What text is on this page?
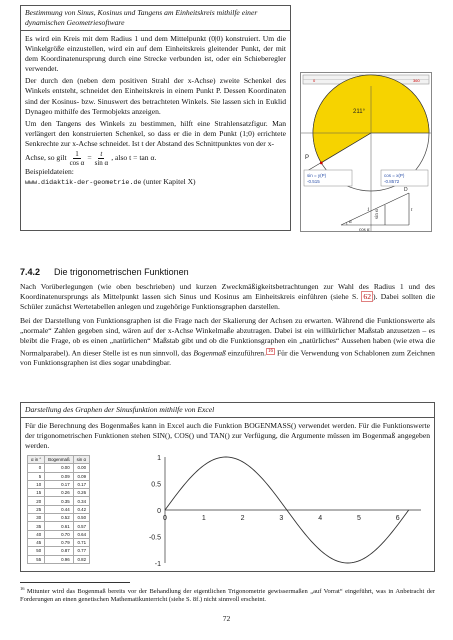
Bestimmung von Sinus, Kosinus und Tangens am Einheitskreis mithilfe einer dynamischen Geometriesoftware

Es wird ein Kreis mit dem Radius 1 und dem Mittelpunkt (0|0) konstruiert. Um die Winkelgröße einzustellen, wird ein auf dem Einheitskreis gleitender Punkt, der mit dem Koordinatenursprung durch eine Strecke verbunden ist, oder ein Schieberegler verwendet.

Der durch den (neben dem positiven Strahl der x-Achse) zweite Schenkel des Winkels entsteht, schneidet den Einheitskreis in einem Punkt P. Dessen Koordinaten sind der Kosinus- bzw. Sinuswert des betrachteten Winkels. Sie lassen sich in Euklid Dynageo mithilfe des Termobjekts anzeigen.

Um den Tangens des Winkels zu bestimmen, hilft eine Strahlensatzfigur. Man verlängert den konstruierten Schenkel, so dass er die in dem Punkt (1;0) errichtete Senkrechte zur x-Achse schneidet. Ist t der Abstand des Schnittpunktes von der x-

Achse, so gilt $\frac{1}{\text{cos α}} = \frac{t}{\text{sin α}}$ , also t = tan α.

Beispieldateien:

www.didaktik-der-geometrie.de (unter Kapitel X)

0	360
211°
P
sin = y(P)
-0.515
cos = x(P)
-0.8572
α
sin α
cos α
t
1
D
7.4.2 Die trigonometrischen Funktionen

Nach Vorüberlegungen (wie oben beschrieben) und kurzen Zweckmäßigkeitsbetrachtungen zur Wahl des Radius 1 und des Koordinatenursprungs als Mittelpunkt lassen sich Sinus und Kosinus am Einheitskreis einführen (siehe S. 62 ). Dabei sollten die Schüler zunächst Wertetabellen anlegen und zugehörige Funktionsgraphen darstellen.

Bei der Darstellung von Funktionsgraphen ist die Frage nach der Skalierung der Achsen zu erwarten. Während die Funktionswerte als „normale“ Zahlen gegeben sind, wären auf der x-Achse Winkelmaße abzutragen. Dabei ist ein willkürlicher Maßstab anzusetzen – es bleibt die Frage, ob es einen „natürlichen“ Maßstab gibt und ob die Funktionsgraphen ein „natürliches“ Aussehen haben (wie etwa die Normalparabel). An dieser Stelle ist es nun sinnvoll, das Bogenmaß einzuführen. $^{16}$ Für die Verwendung von Schablonen zum Zeichnen von Funktionsgraphen ist dies sogar unabdingbar.

Darstellung des Graphen der Sinusfunktion mithilfe von Excel

Für die Berechnung des Bogenmaßes kann in Excel auch die Funktion BOGENMASS() verwendet werden. Für die Funktionswerte der trigonometrischen Funktionen stehen SIN(), COS() und TAN() zur Verfügung, die Argumente müssen im Bogenmaß angegeben werden.

α in °	Bogenmaß	sin α
0	0.00	0.00
5	0.09	0.09
10	0.17	0.17
15	0.26	0.26
20	0.35	0.34
25	0.44	0.42
30	0.52	0.50
35	0.61	0.57
40	0.70	0.64
45	0.79	0.71
50	0.87	0.77
55	0.96	0.82
1
0.5
0
-0.5
-1
0	1	2	3	4	5	6

$^{16}$ Mitunter wird das Bogenmaß bereits vor der Behandlung der eigentlichen Trigonometrie gewissermaßen „auf Vorrat“ eingeführt, was in Anbetracht der Forderungen an einen genetischen Mathematikunterricht (siehe S. 8f.) nicht sinnvoll erscheint.

72
